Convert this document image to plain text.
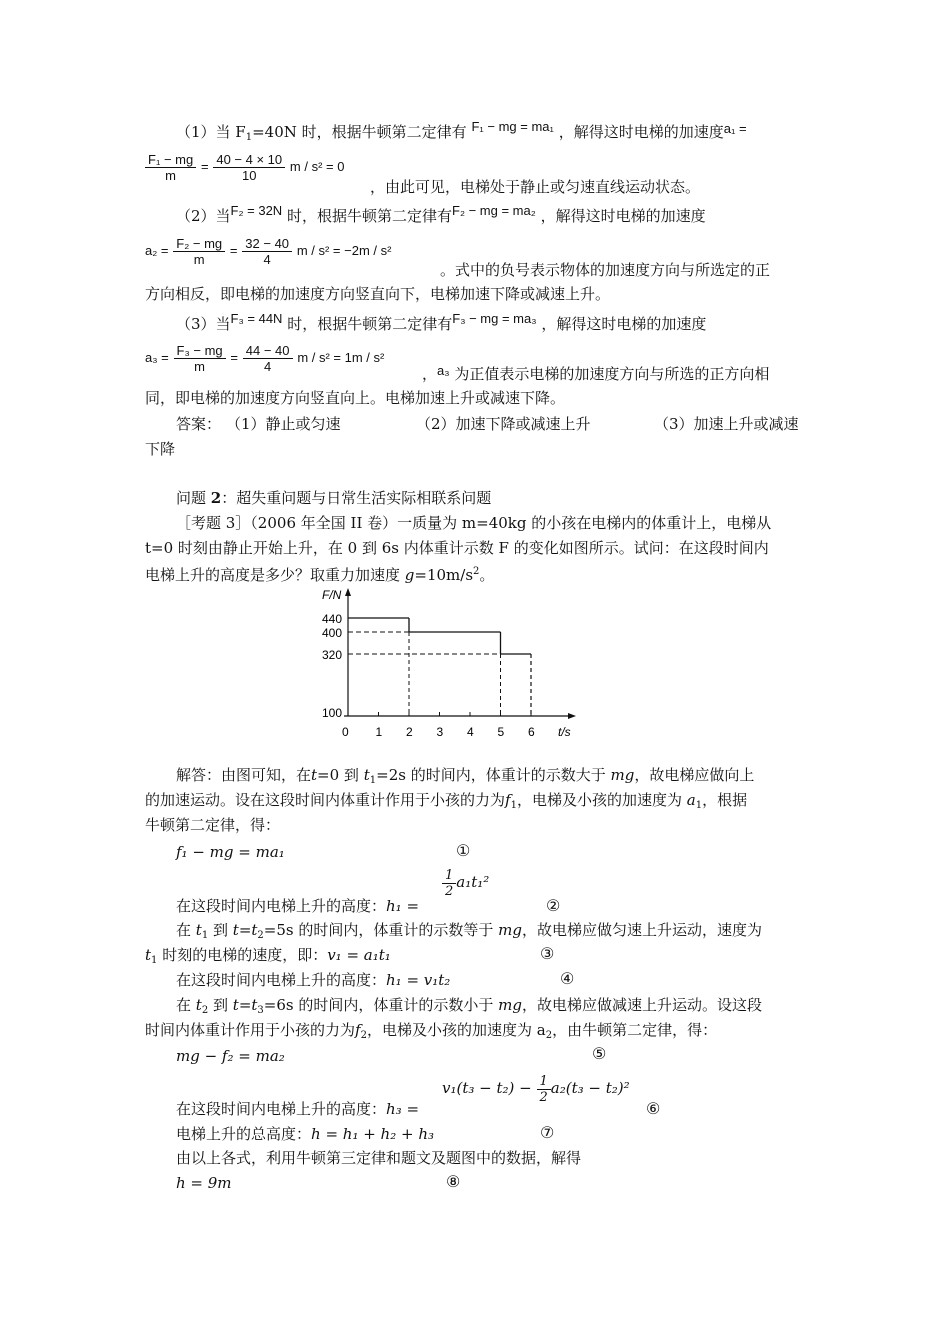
（1）当 $F_1=40N$ 时，根据牛顿第二定律有 F₁ − mg = ma₁ ，解得这时电梯的加速度a₁ =
$\frac{\text{F₁ − mg}}{m} = \frac{40 - 4 \times 10}{10}$ m / s² = 0
，由此可见，电梯处于静止或匀速直线运动状态。
（2）当F₂ = 32N 时，根据牛顿第二定律有F₂ − mg = ma₂ ，解得这时电梯的加速度
$a_2 = \frac{\text{F₂ − mg}}{m} = \frac{32 - 40}{4}$ m / s² = −2m / s²
。式中的负号表示物体的加速度方向与所选定的正
方向相反，即电梯的加速度方向竖直向下，电梯加速下降或减速上升。
（3）当F₃ = 44N 时，根据牛顿第二定律有F₃ − mg = ma₃ ，解得这时电梯的加速度
$a_3 = \frac{\text{F₃ − mg}}{m} = \frac{44 - 40}{4}$ m / s² = 1m / s²
，a₃ 为正值表示电梯的加速度方向与所选的正方向相
同，即电梯的加速度方向竖直向上。电梯加速上升或减速下降。
答案： （1）静止或匀速	（2）加速下降或减速上升	（3）加速上升或减速
下降
问题 2：超失重问题与日常生活实际相联系问题
［考题 3］（2006 年全国 II 卷）一质量为 m=40kg 的小孩在电梯内的体重计上，电梯从
t=0 时刻由静止开始上升，在 0 到 6s 内体重计示数 F 的变化如图所示。试问：在这段时间内
电梯上升的高度是多少？取重力加速度 $g=10m/s^2$。
F/N
t/s
0 1 2 3 4 5 6
440
400
320
100
解答：由图可知，在t=0 到 $t_1=2s$ 的时间内，体重计的示数大于 mg，故电梯应做向上
的加速运动。设在这段时间内体重计作用于小孩的力为$f_1$，电梯及小孩的加速度为 $a_1$，根据
牛顿第二定律，得：
f₁ − mg = ma₁	①
在这段时间内电梯上升的高度：h₁ =
$\frac{1}{2} a_1t_1^2$
②
在 $t_1$ 到 $t=t_2=5s$ 的时间内，体重计的示数等于 mg，故电梯应做匀速上升运动，速度为
$t_1$ 时刻的电梯的速度，即：v₁ = a₁t₁	③
在这段时间内电梯上升的高度：h₁ = v₁t₂	④
在 $t_2$ 到 $t=t_3=6s$ 的时间内，体重计的示数小于 mg，故电梯应做减速上升运动。设这段
时间内体重计作用于小孩的力为$f_2$，电梯及小孩的加速度为 $a_2$，由牛顿第二定律，得：
mg − f₂ = ma₂	⑤
在这段时间内电梯上升的高度：h₃ =
$v_1(t_3 - t_2) - \frac{1}{2} a_2(t_3 - t_2)^2$
⑥
电梯上升的总高度：h = h₁ + h₂ + h₃	⑦
由以上各式，利用牛顿第三定律和题文及题图中的数据，解得
h = 9m	⑧
